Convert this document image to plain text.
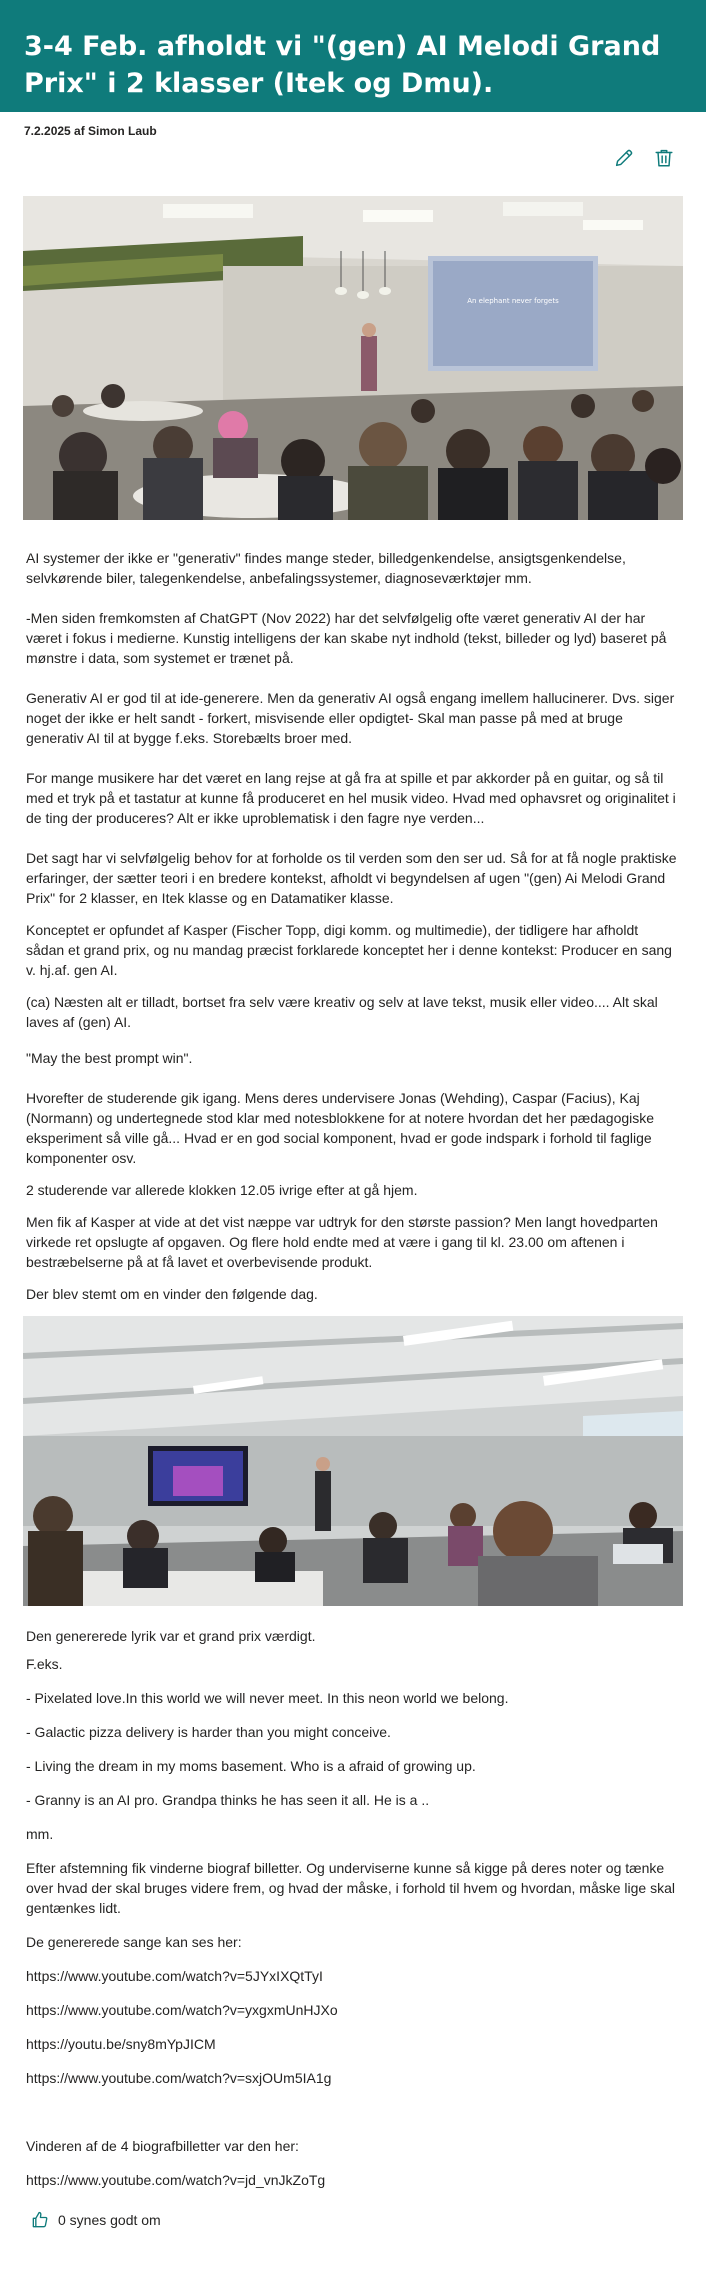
3-4 Feb. afholdt vi "(gen) AI Melodi Grand Prix" i 2 klasser (Itek og Dmu).
7.2.2025 af Simon Laub
An elephant never forgets

AI systemer der ikke er "generativ" findes mange steder, billedgenkendelse, ansigtsgenkendelse, selvkørende biler, talegenkendelse, anbefalingssystemer, diagnoseværktøjer mm.

-Men siden fremkomsten af ChatGPT (Nov 2022) har det selvfølgelig ofte været generativ AI der har været i fokus i medierne. Kunstig intelligens der kan skabe nyt indhold (tekst, billeder og lyd) baseret på mønstre i data, som systemet er trænet på.

Generativ AI er god til at ide-generere. Men da generativ AI også engang imellem hallucinerer. Dvs. siger noget der ikke er helt sandt - forkert, misvisende eller opdigtet- Skal man passe på med at bruge generativ AI til at bygge f.eks. Storebælts broer med.

For mange musikere har det været en lang rejse at gå fra at spille et par akkorder på en guitar, og så til med et tryk på et tastatur at kunne få produceret en hel musik video. Hvad med ophavsret og originalitet i de ting der produceres? Alt er ikke uproblematisk i den fagre nye verden...

Det sagt har vi selvfølgelig behov for at forholde os til verden som den ser ud. Så for at få nogle praktiske erfaringer, der sætter teori i en bredere kontekst, afholdt vi begyndelsen af ugen "(gen) Ai Melodi Grand Prix" for 2 klasser, en Itek klasse og en Datamatiker klasse.

Konceptet er opfundet af Kasper (Fischer Topp, digi komm. og multimedie), der tidligere har afholdt sådan et grand prix, og nu mandag præcist forklarede konceptet her i denne kontekst: Producer en sang v. hj.af. gen AI.

(ca) Næsten alt er tilladt, bortset fra selv være kreativ og selv at lave tekst, musik eller video.... Alt skal laves af (gen) AI.

"May the best prompt win".

Hvorefter de studerende gik igang. Mens deres undervisere Jonas (Wehding), Caspar (Facius), Kaj (Normann) og undertegnede stod klar med notesblokkene for at notere hvordan det her pædagogiske eksperiment så ville gå... Hvad er en god social komponent, hvad er gode indspark i forhold til faglige komponenter osv.

2 studerende var allerede klokken 12.05 ivrige efter at gå hjem.

Men fik af Kasper at vide at det vist næppe var udtryk for den største passion? Men langt hovedparten virkede ret opslugte af opgaven. Og flere hold endte med at være i gang til kl. 23.00 om aftenen i bestræbelserne på at få lavet et overbevisende produkt.

Der blev stemt om en vinder den følgende dag.

Den genererede lyrik var et grand prix værdigt.

F.eks.

- Pixelated love.In this world we will never meet. In this neon world we belong.

- Galactic pizza delivery is harder than you might conceive.

- Living the dream in my moms basement. Who is a afraid of growing up.

- Granny is an AI pro. Grandpa thinks he has seen it all. He is a ..

mm.

Efter afstemning fik vinderne biograf billetter. Og underviserne kunne så kigge på deres noter og tænke over hvad der skal bruges videre frem, og hvad der måske, i forhold til hvem og hvordan, måske lige skal gentænkes lidt.

De genererede sange kan ses her:

https://www.youtube.com/watch?v=5JYxIXQtTyI

https://www.youtube.com/watch?v=yxgxmUnHJXo

https://youtu.be/sny8mYpJICM

https://www.youtube.com/watch?v=sxjOUm5IA1g

Vinderen af de 4 biografbilletter var den her:

https://www.youtube.com/watch?v=jd_vnJkZoTg

0 synes godt om
